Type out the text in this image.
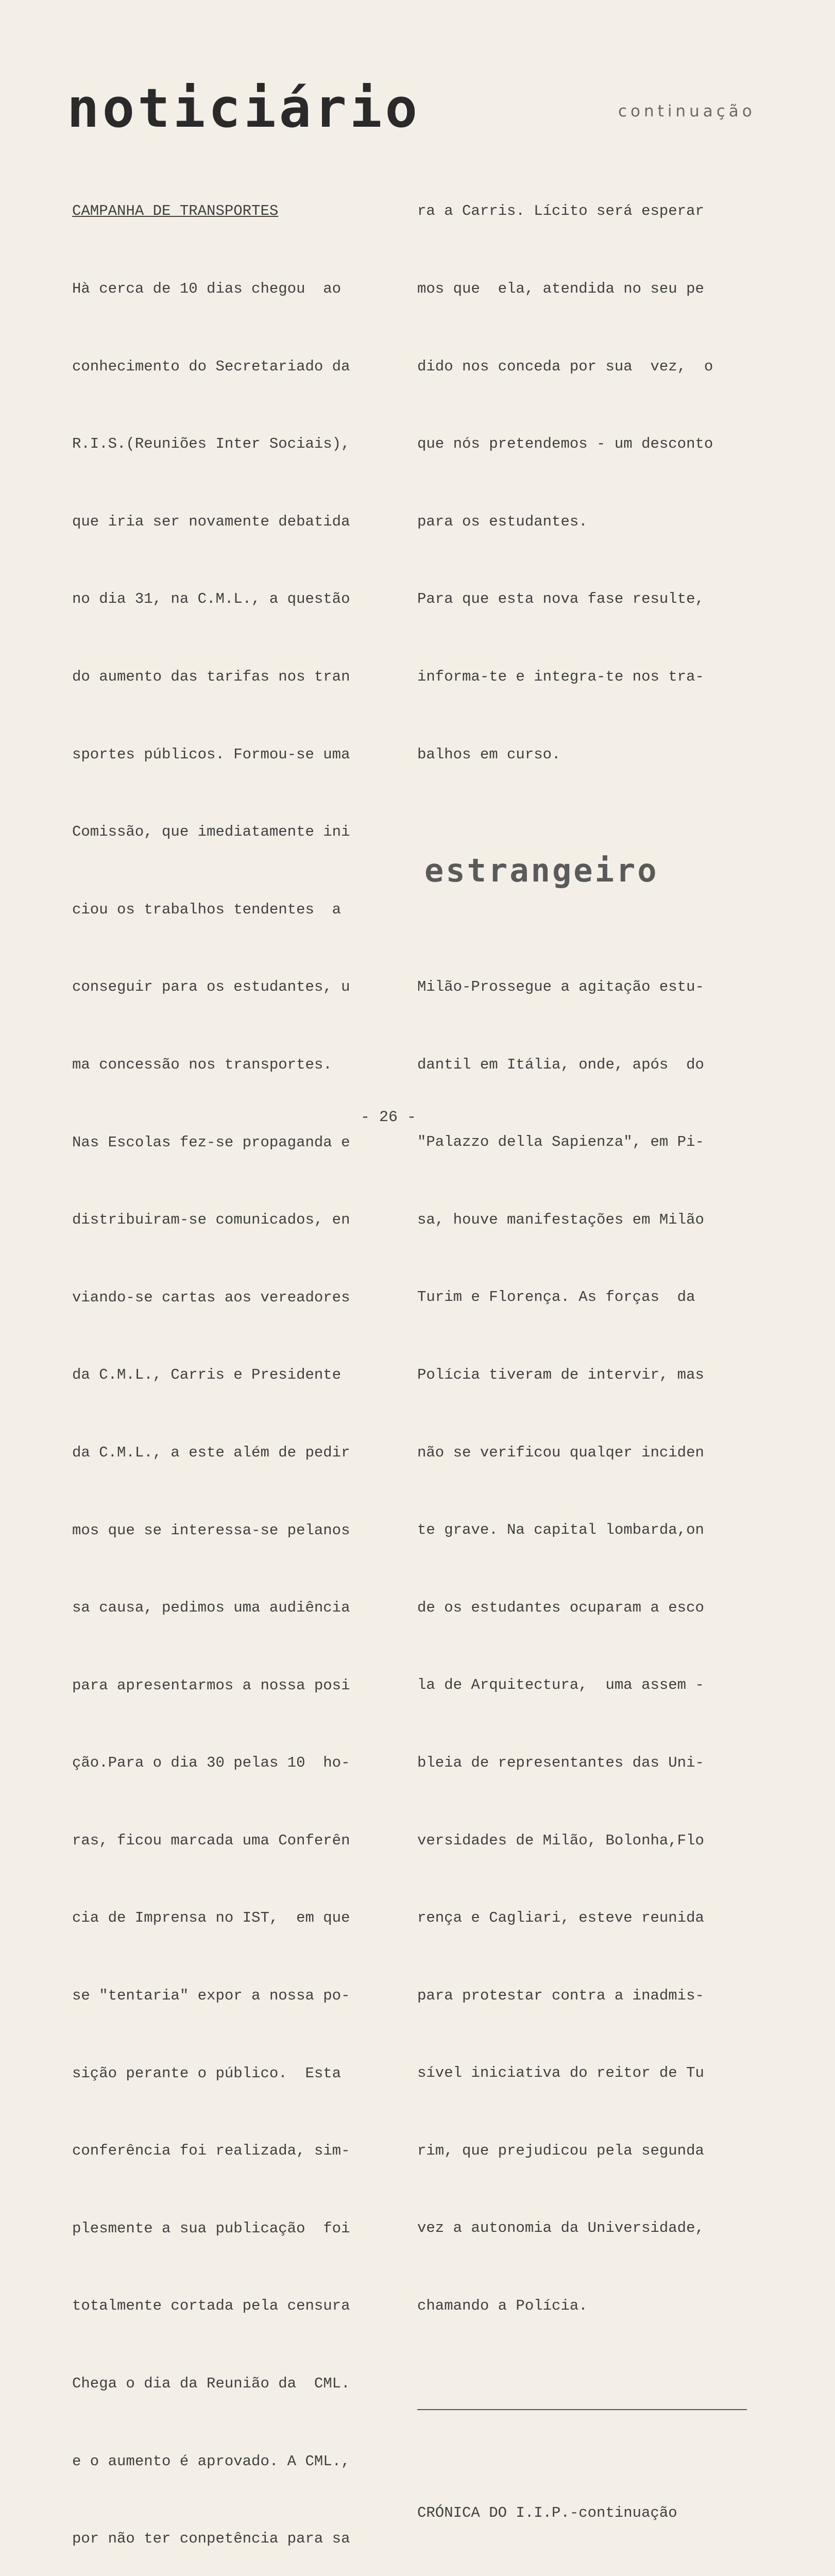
noticiário	continuação

CAMPANHA DE TRANSPORTES

Hà cerca de 10 dias chegou  ao

conhecimento do Secretariado da

R.I.S.(Reuniões Inter Sociais),

que iria ser novamente debatida

no dia 31, na C.M.L., a questão

do aumento das tarifas nos tran

sportes públicos. Formou-se uma

Comissão, que imediatamente ini

ciou os trabalhos tendentes  a

conseguir para os estudantes, u

ma concessão nos transportes.

Nas Escolas fez-se propaganda e

distribuiram-se comunicados, en

viando-se cartas aos vereadores

da C.M.L., Carris e Presidente

da C.M.L., a este além de pedir

mos que se interessa-se pelanos

sa causa, pedimos uma audiência

para apresentarmos a nossa posi

ção.Para o dia 30 pelas 10  ho-

ras, ficou marcada uma Conferên

cia de Imprensa no IST,  em que

se "tentaria" expor a nossa po-

sição perante o público.  Esta

conferência foi realizada, sim-

plesmente a sua publicação  foi

totalmente cortada pela censura

Chega o dia da Reunião da  CML.

e o aumento é aprovado. A CML.,

por não ter conpetência para sa

ra a Carris. Lícito será esperar

mos que  ela, atendida no seu pe

dido nos conceda por sua  vez,  o

que nós pretendemos - um desconto

para os estudantes.

Para que esta nova fase resulte,

informa-te e integra-te nos tra-

balhos em curso.

estrangeiro

Milão-Prossegue a agitação estu-

dantil em Itália, onde, após  do

"Palazzo della Sapienza", em Pi-

sa, houve manifestações em Milão

Turim e Florença. As forças  da

Polícia tiveram de intervir, mas

não se verificou qualqer inciden

te grave. Na capital lombarda,on

de os estudantes ocuparam a esco

la de Arquitectura,  uma assem -

bleia de representantes das Uni-

versidades de Milão, Bolonha,Flo

rença e Cagliari, esteve reunida

para protestar contra a inadmis-

sível iniciativa do reitor de Tu

rim, que prejudicou pela segunda

vez a autonomia da Universidade,

chamando a Polícia.

CRÓNICA DO I.I.P.-continuação

- 26 -
